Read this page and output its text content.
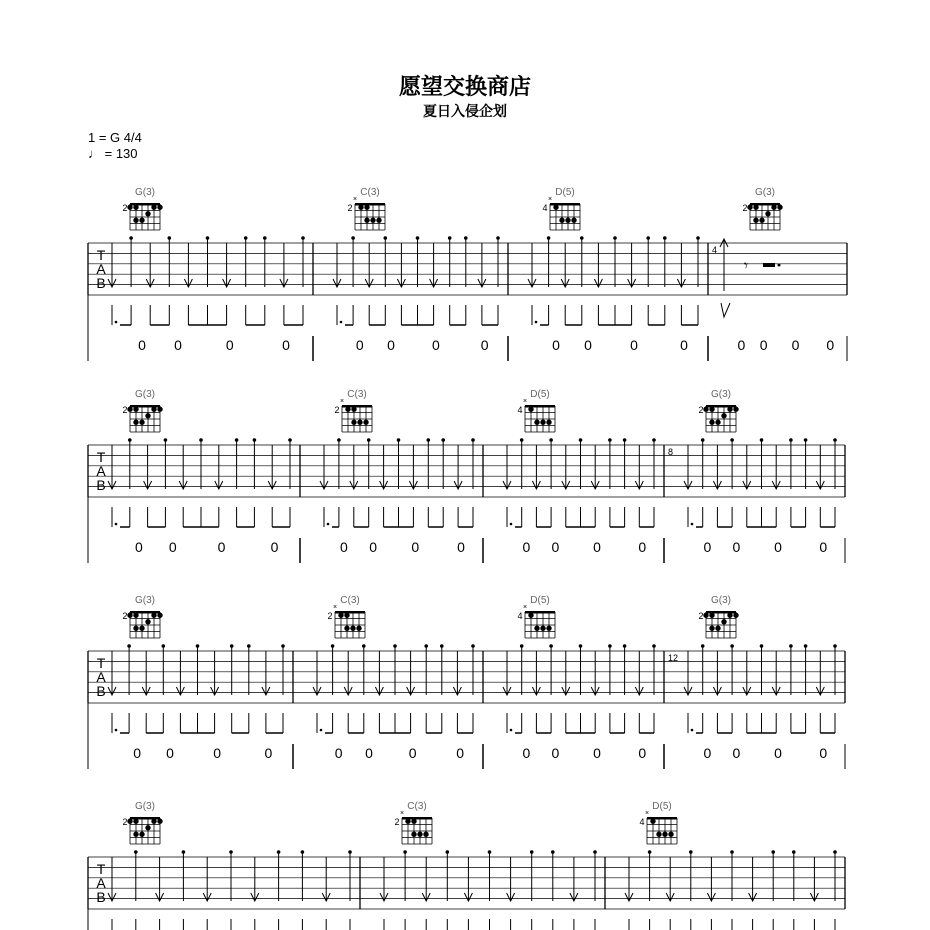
愿望交换商店
夏日入侵企划
1 = G 4/4
♩ = 130
T
A
B
G(3)
2
0 0	0	0
C(3)
2
×
0 0	0	0
D(5)
4
×
0 0	0	0
G(3)
2
4
𝄾
0 0 0 0
T
A
B
G(3)
2
0 0	0	0
C(3)
2
×
0 0 0	0
D(5)
4
×
0 0 0	0
G(3)
2
8
0 0 0	0
T
A
B
G(3)
2
0 0	0	0
C(3)
2
×
0 0	0	0
D(5)
4
×
0 0 0	0
G(3)
2
12
0 0 0	0
T
A
B
G(3)
2
C(3)
2
×
D(5)
4
×
